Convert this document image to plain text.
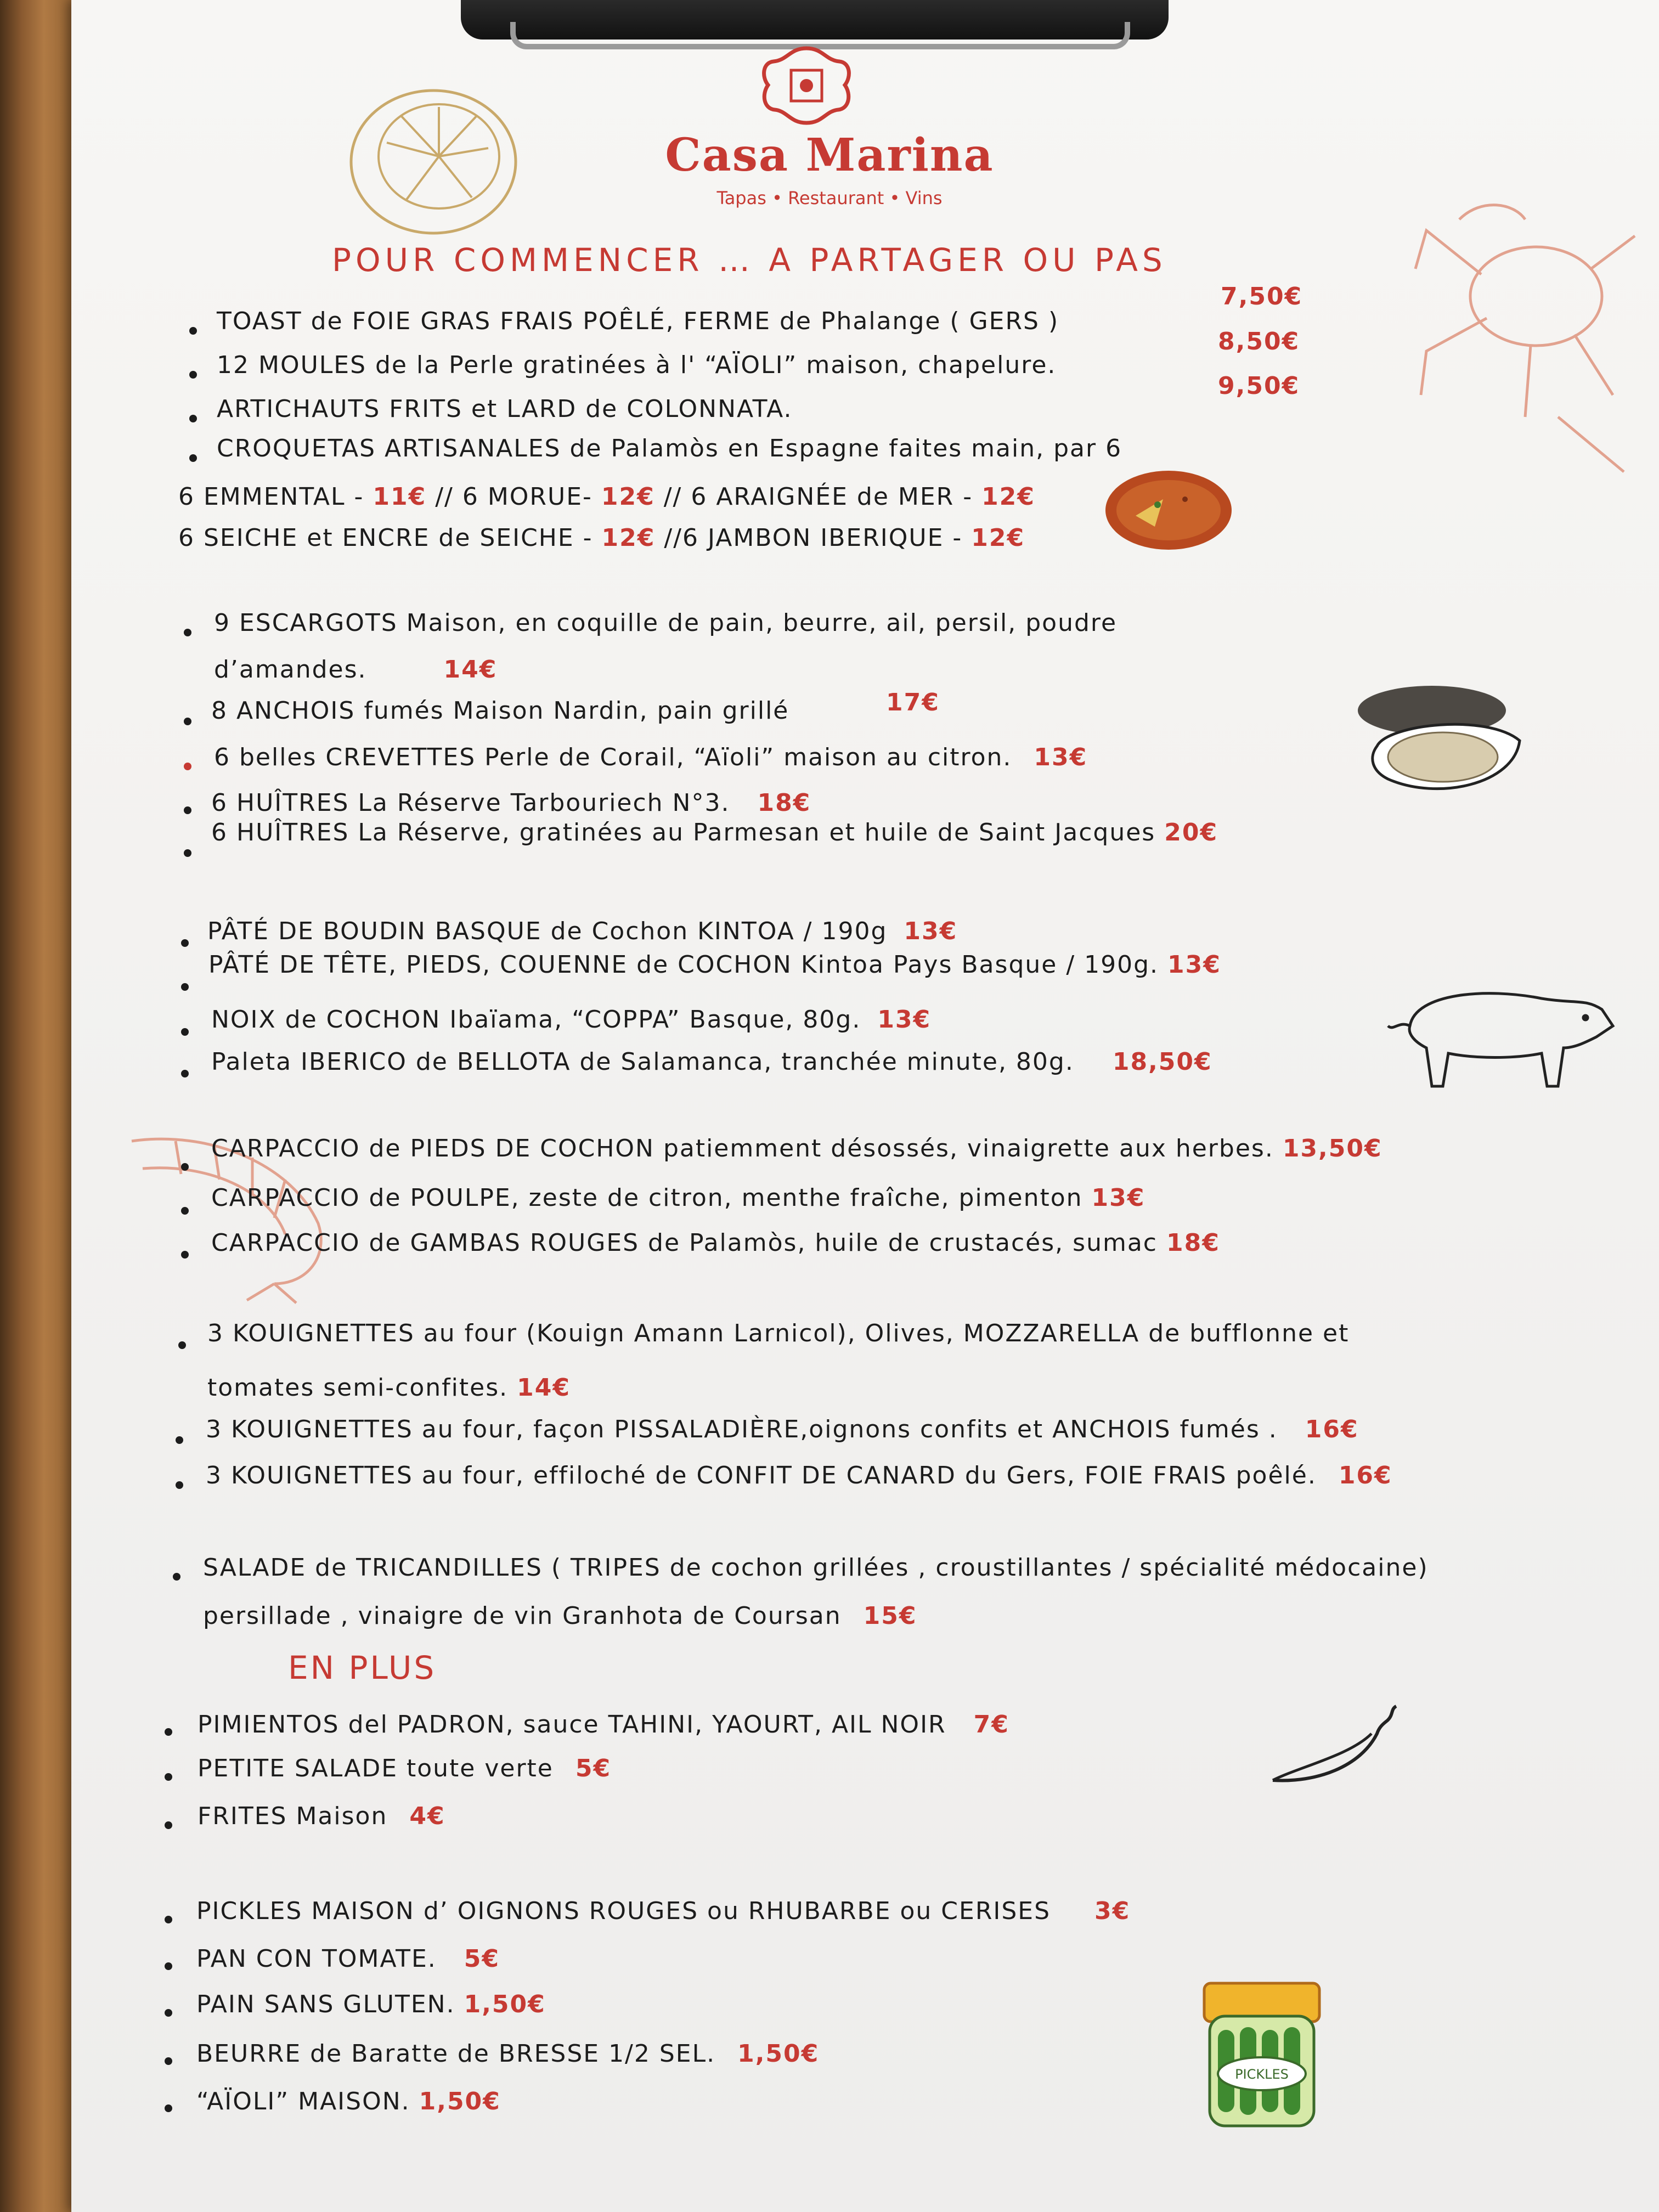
Casa Marina
Tapas • Restaurant • Vins
PICKLES
POUR COMMENCER … A PARTAGER OU PAS
TOAST de FOIE GRAS FRAIS POÊLÉ, FERME de Phalange ( GERS )
7,50€
12 MOULES de la Perle gratinées à l' “AÏOLI” maison, chapelure.
8,50€
ARTICHAUTS FRITS et LARD de COLONNATA.
9,50€
CROQUETAS ARTISANALES de Palamòs en Espagne faites main, par 6
6 EMMENTAL - 11€ // 6 MORUE- 12€ // 6 ARAIGNÉE de MER - 12€
6 SEICHE et ENCRE de SEICHE - 12€ //6 JAMBON IBERIQUE - 12€
9 ESCARGOTS Maison, en coquille de pain, beurre, ail, persil, poudre
d’amandes.	14€
8 ANCHOIS fumés Maison Nardin, pain grillé	17€
6 belles CREVETTES Perle de Corail, “Aïoli” maison au citron. 13€
6 HUÎTRES La Réserve Tarbouriech N°3. 18€
6 HUÎTRES La Réserve, gratinées au Parmesan et huile de Saint Jacques 20€
PÂTÉ DE BOUDIN BASQUE de Cochon KINTOA / 190g 13€
PÂTÉ DE TÊTE, PIEDS, COUENNE de COCHON Kintoa Pays Basque / 190g. 13€
NOIX de COCHON Ibaïama, “COPPA” Basque, 80g. 13€
Paleta IBERICO de BELLOTA de Salamanca, tranchée minute, 80g. 18,50€
CARPACCIO de PIEDS DE COCHON patiemment désossés, vinaigrette aux herbes. 13,50€
CARPACCIO de POULPE, zeste de citron, menthe fraîche, pimenton 13€
CARPACCIO de GAMBAS ROUGES de Palamòs, huile de crustacés, sumac 18€
3 KOUIGNETTES au four (Kouign Amann Larnicol), Olives, MOZZARELLA de bufflonne et
tomates semi-confites. 14€
3 KOUIGNETTES au four, façon PISSALADIÈRE,oignons confits et ANCHOIS fumés . 16€
3 KOUIGNETTES au four, effiloché de CONFIT DE CANARD du Gers, FOIE FRAIS poêlé. 16€
SALADE de TRICANDILLES ( TRIPES de cochon grillées , croustillantes / spécialité médocaine)
persillade , vinaigre de vin Granhota de Coursan 15€
EN PLUS
PIMIENTOS del PADRON, sauce TAHINI, YAOURT, AIL NOIR 7€
PETITE SALADE toute verte 5€
FRITES Maison 4€
PICKLES MAISON d’ OIGNONS ROUGES ou RHUBARBE ou CERISES 3€
PAN CON TOMATE. 5€
PAIN SANS GLUTEN. 1,50€
BEURRE de Baratte de BRESSE 1/2 SEL. 1,50€
“AÏOLI” MAISON. 1,50€
